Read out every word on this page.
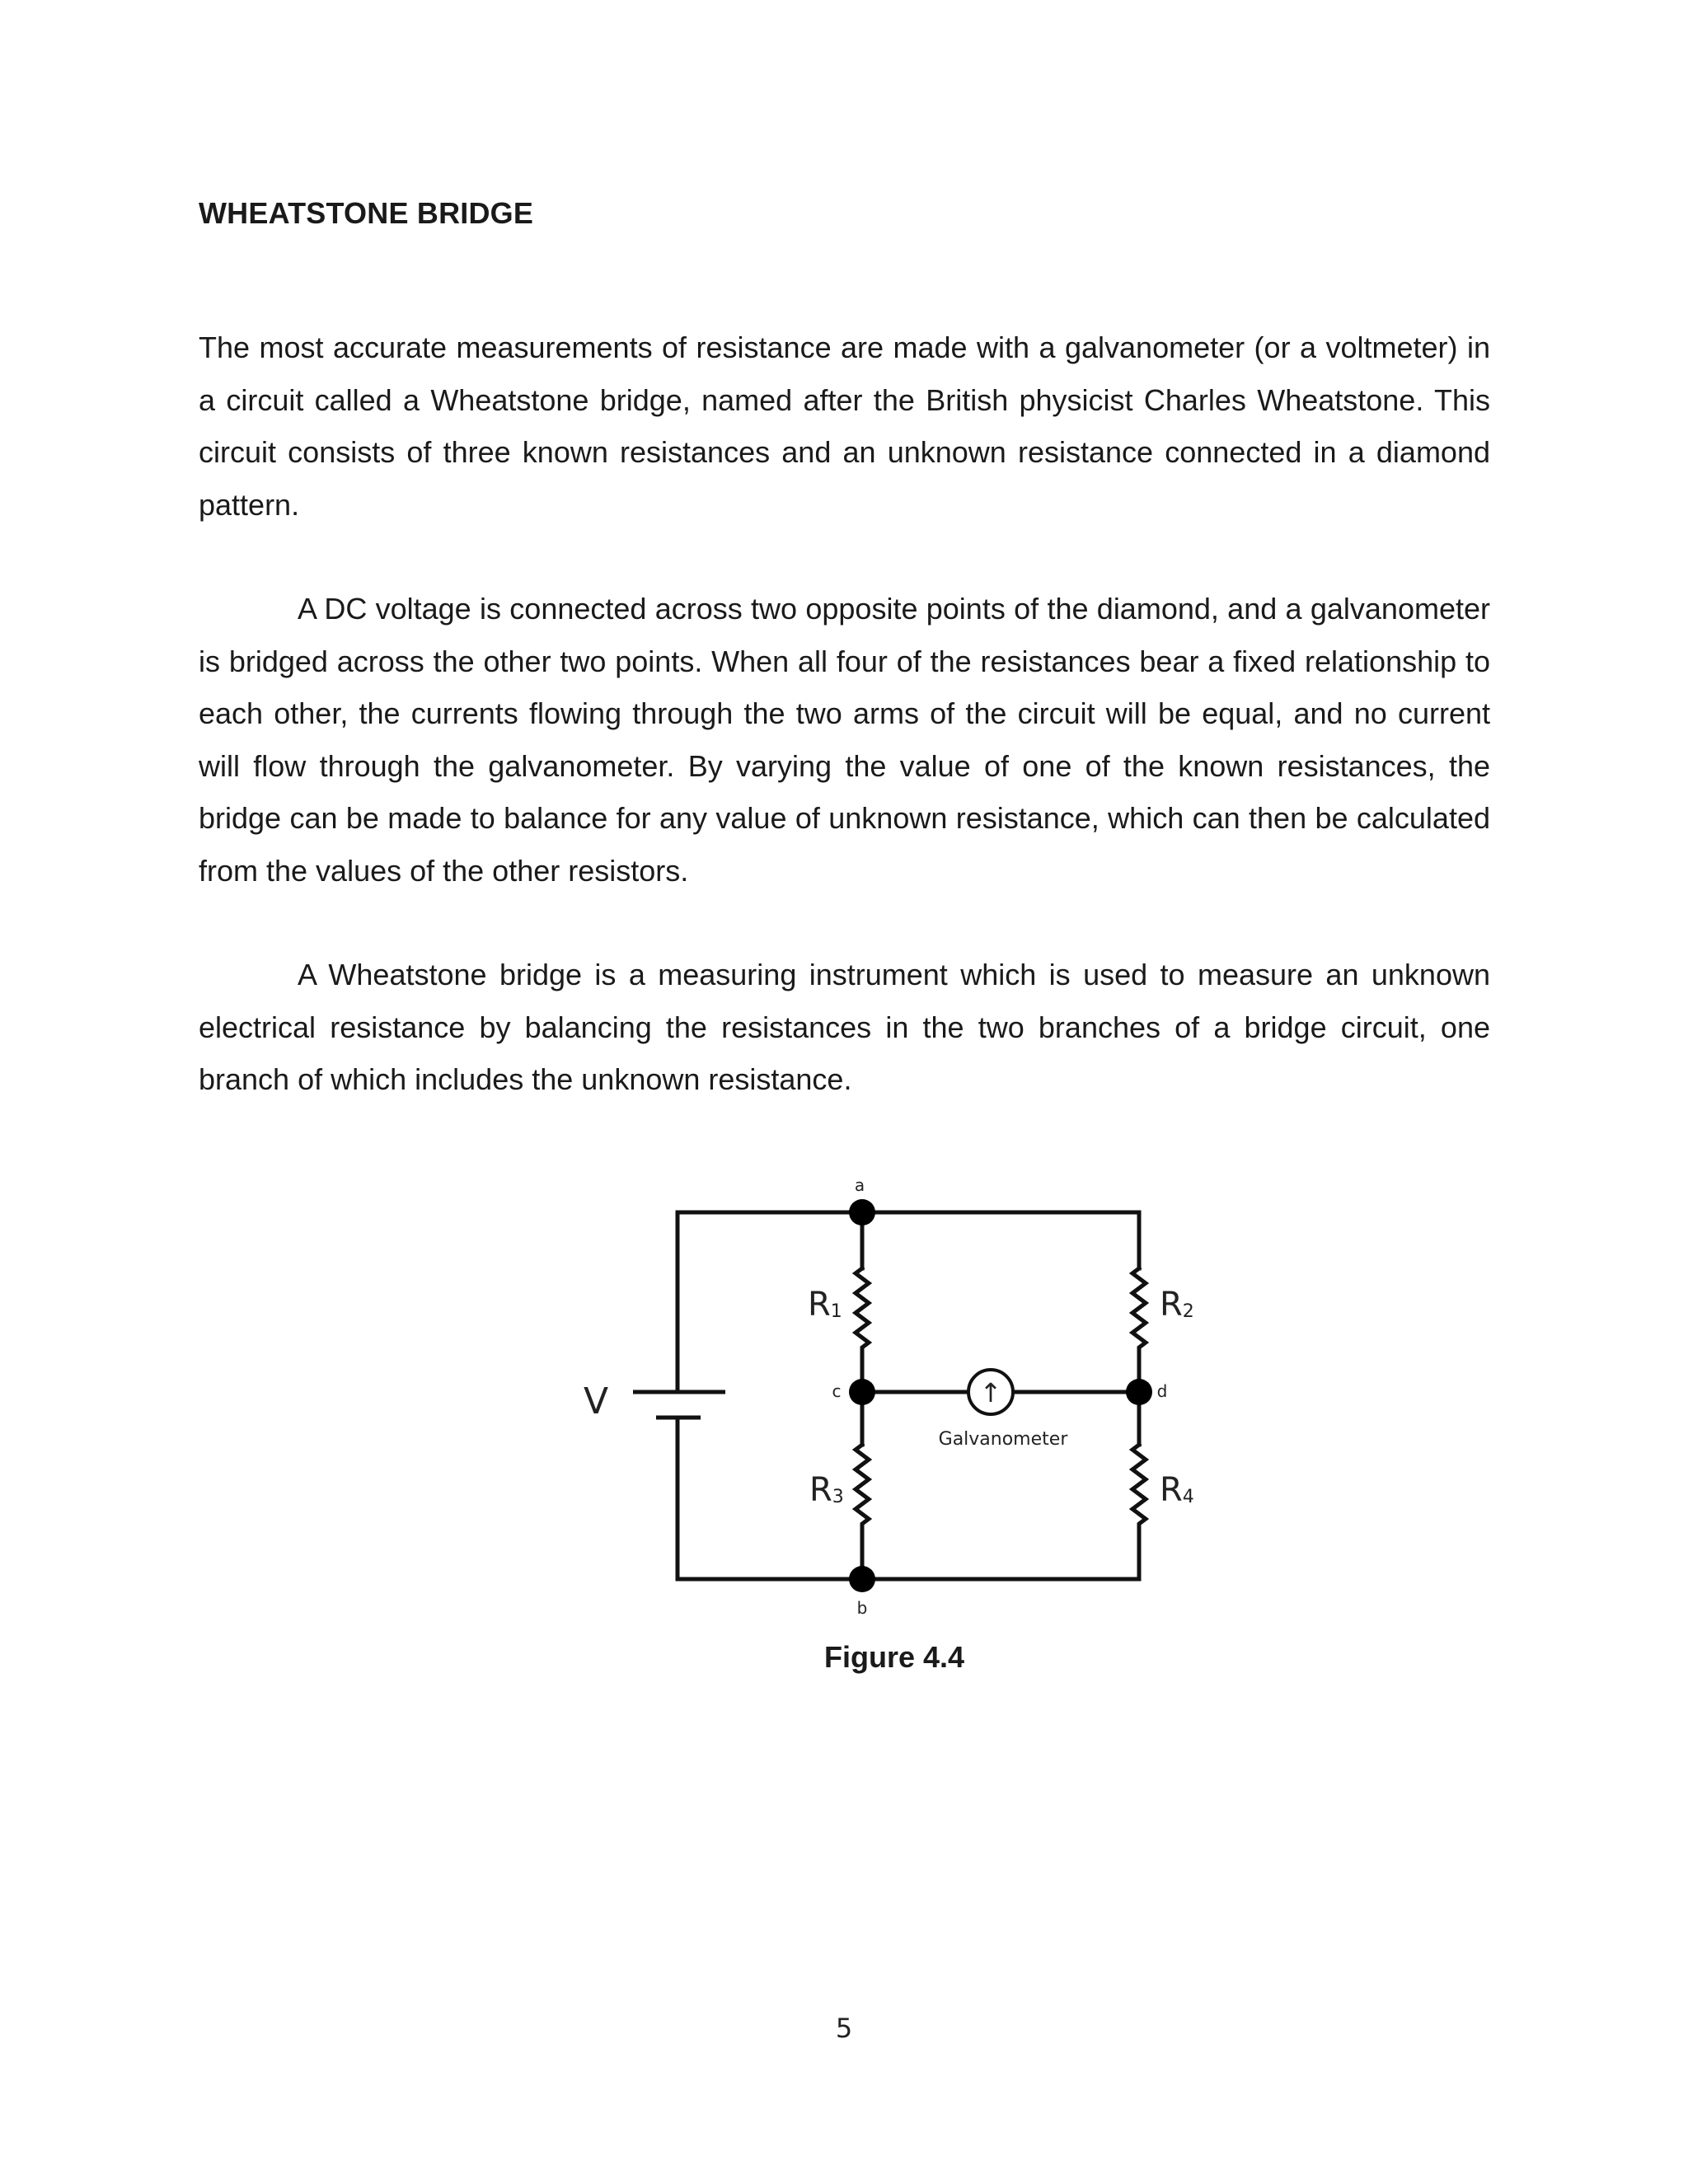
WHEATSTONE BRIDGE

The most accurate measurements of resistance are made with a galvanometer (or a voltmeter) in a circuit called a Wheatstone bridge, named after the British physicist Charles Wheatstone. This circuit consists of three known resistances and an unknown resistance connected in a diamond pattern.

A DC voltage is connected across two opposite points of the diamond, and a galvanometer is bridged across the other two points. When all four of the resistances bear a fixed relationship to each other, the currents flowing through the two arms of the circuit will be equal, and no current will flow through the galvanometer. By varying the value of one of the known resistances, the bridge can be made to balance for any value of unknown resistance, which can then be calculated from the values of the other resistors.

A Wheatstone bridge is a measuring instrument which is used to measure an unknown electrical resistance by balancing the resistances in the two branches of a bridge circuit, one branch of which includes the unknown resistance.

↑
V
a
b
c	d
R1	R2
R3	R4
Galvanometer
Figure 4.4
5
